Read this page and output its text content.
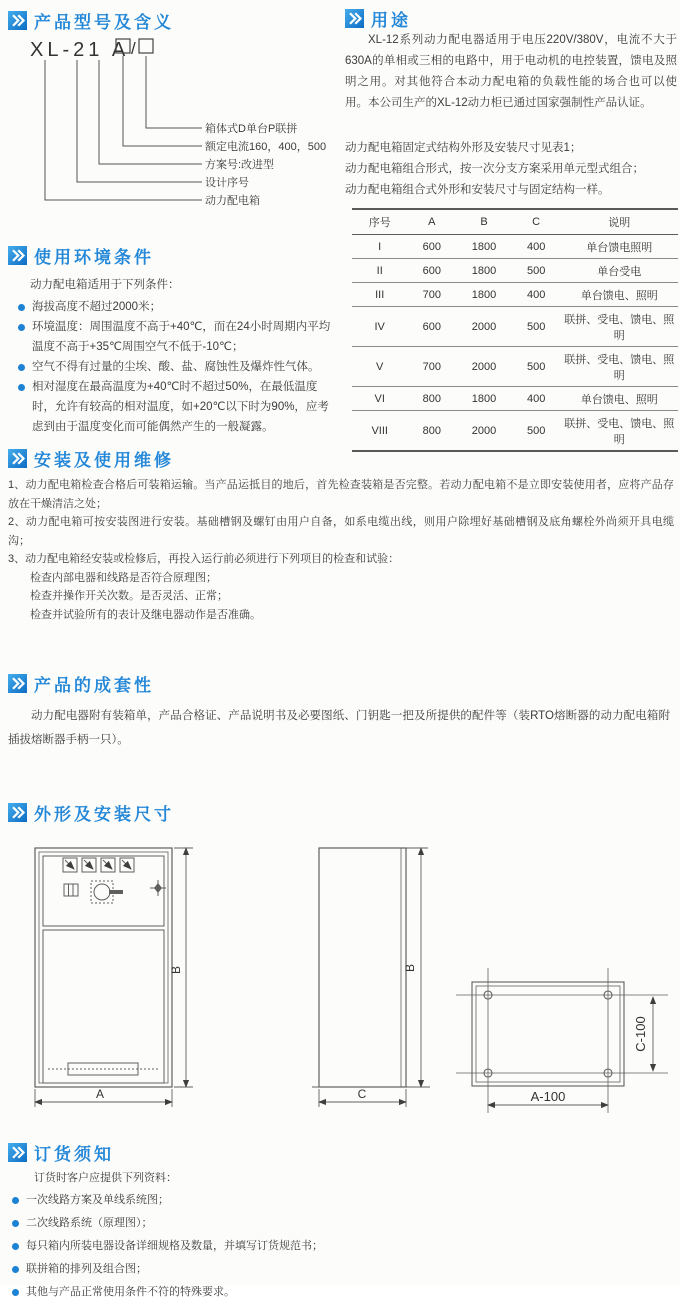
产品型号及含义
XL-21 A /
箱体式D单台P联拼
额定电流160，400，500
方案号:改进型
设计序号
动力配电箱
用途
XL-12系列动力配电器适用于电压220V/380V，电流不大于630A的单相或三相的电路中，用于电动机的电控装置，馈电及照明之用。对其他符合本动力配电箱的负载性能的场合也可以使用。本公司生产的XL-12动力柜已通过国家强制性产品认证。
动力配电箱固定式结构外形及安装尺寸见表1；
动力配电箱组合形式，按一次分支方案采用单元型式组合；
动力配电箱组合式外形和安装尺寸与固定结构一样。
序号	A	B	C	说明
I	600	1800	400	单台馈电照明
II	600	1800	500	单台受电
III	700	1800	400	单台馈电、照明
IV	600	2000	500	联拼、受电、馈电、照明
V	700	2000	500	联拼、受电、馈电、照明
VI	800	1800	400	单台馈电、照明
VIII	800	2000	500	联拼、受电、馈电、照明
使用环境条件
动力配电箱适用于下列条件：
海拔高度不超过2000米；
环境温度：周围温度不高于+40℃，而在24小时周期内平均温度不高于+35℃周围空气不低于-10℃；
空气不得有过量的尘埃、酸、盐、腐蚀性及爆炸性气体。
相对湿度在最高温度为+40℃时不超过50%，在最低温度时，允许有较高的相对温度，如+20℃以下时为90%，应考虑到由于温度变化而可能偶然产生的一般凝露。
安装及使用维修
1、动力配电箱检查合格后可装箱运输。当产品运抵目的地后，首先检查装箱是否完整。若动力配电箱不是立即安装使用者，应将产品存放在干燥清洁之处；
2、动力配电箱可按安装图进行安装。基础槽钢及螺钉由用户自备，如系电缆出线，则用户除埋好基础槽钢及底角螺栓外尚须开具电缆沟；
3、动力配电箱经安装或检修后，再投入运行前必须进行下列项目的检查和试验：
检查内部电器和线路是否符合原理图；
检查并操作开关次数。是否灵活、正常；
检查并试验所有的表计及继电器动作是否准确。
产品的成套性
动力配电器附有装箱单，产品合格证、产品说明书及必要图纸、门钥匙一把及所提供的配件等（装RTO熔断器的动力配电箱附插拔熔断器手柄一只）。
外形及安装尺寸
A
B
C
B
A-100
C-100
订货须知
订货时客户应提供下列资料：
一次线路方案及单线系统图；
二次线路系统（原理图）；
每只箱内所装电器设备详细规格及数量，并填写订货规范书；
联拼箱的排列及组合图；
其他与产品正常使用条件不符的特殊要求。
